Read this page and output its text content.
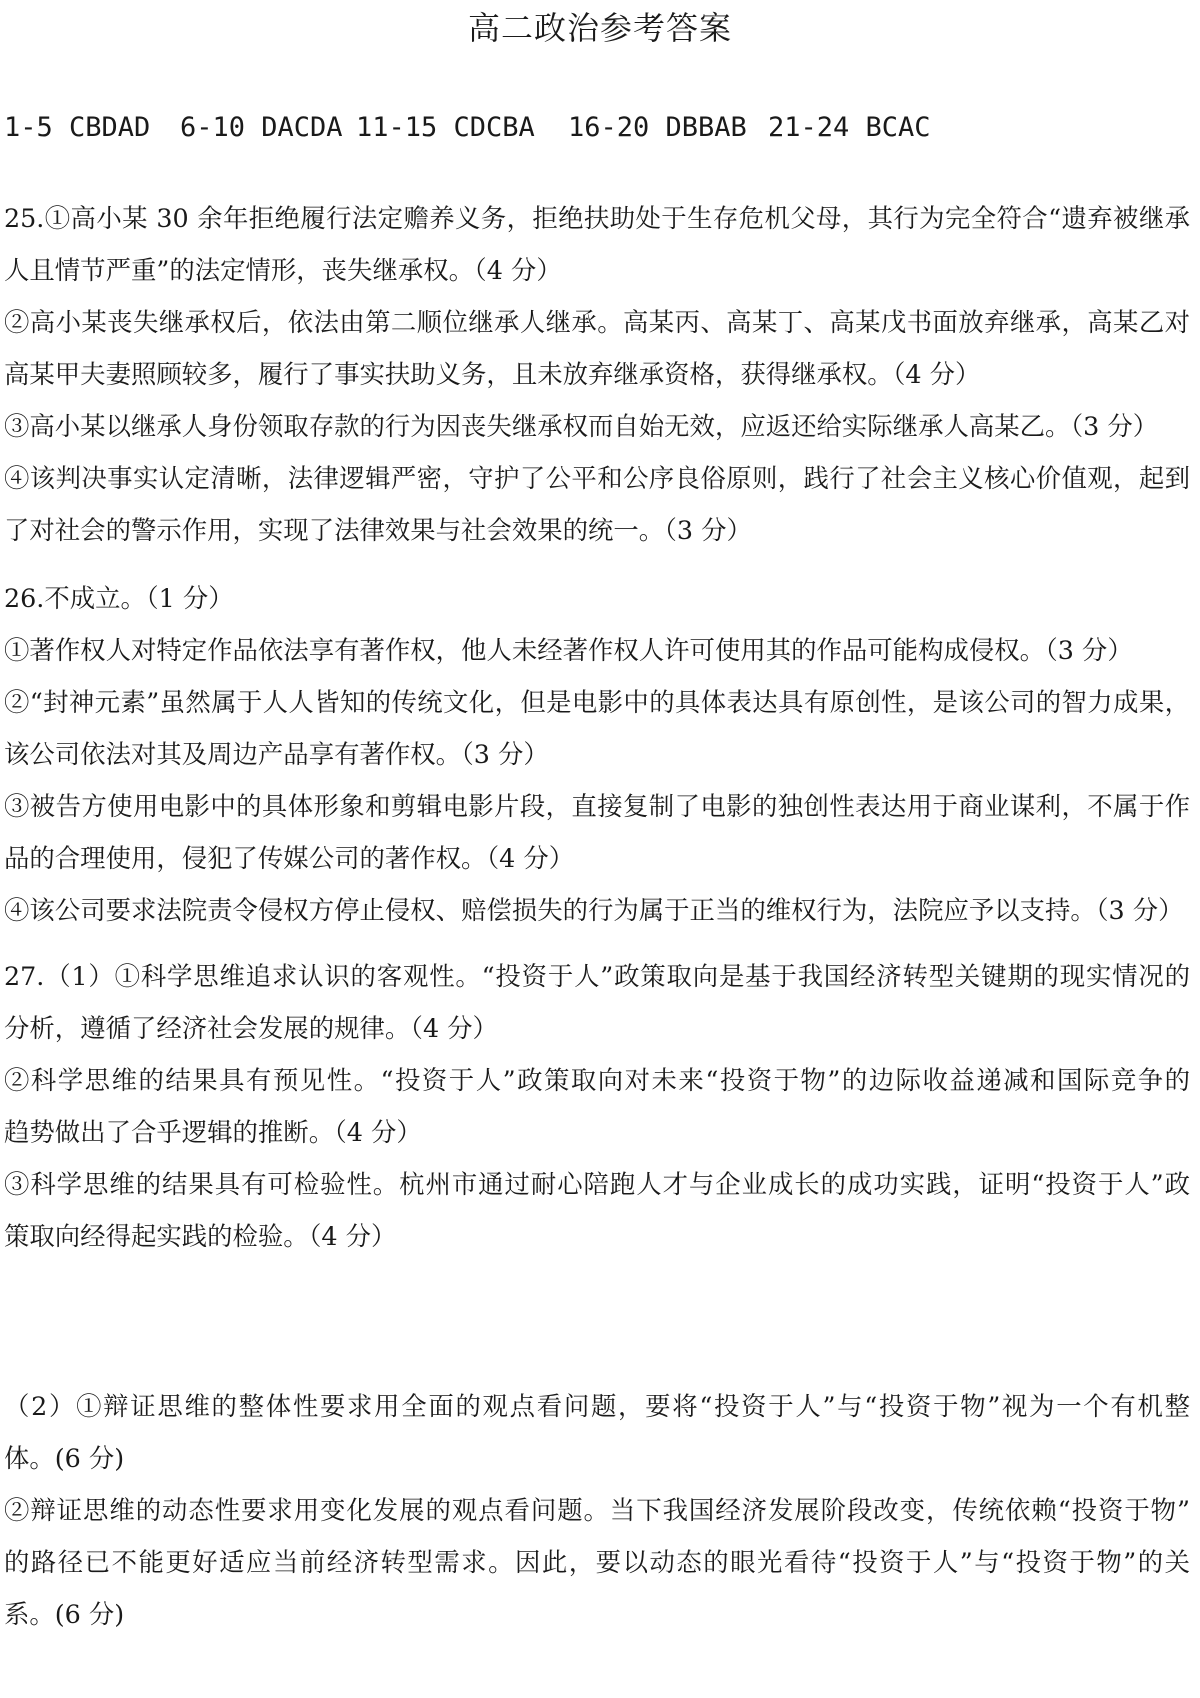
高二政治参考答案
1-5 CBDAD 6-10 DACDA 11-15 CDCBA 16-20 DBBAB 21-24 BCAC
25.①高小某 30 余年拒绝履行法定赡养义务，拒绝扶助处于生存危机父母，其行为完全符合“遗弃被继承
人且情节严重”的法定情形，丧失继承权。（4 分）
②高小某丧失继承权后，依法由第二顺位继承人继承。高某丙、高某丁、高某戊书面放弃继承，高某乙对
高某甲夫妻照顾较多，履行了事实扶助义务，且未放弃继承资格，获得继承权。（4 分）
③高小某以继承人身份领取存款的行为因丧失继承权而自始无效，应返还给实际继承人高某乙。（3 分）
④该判决事实认定清晰，法律逻辑严密，守护了公平和公序良俗原则，践行了社会主义核心价值观，起到
了对社会的警示作用，实现了法律效果与社会效果的统一。（3 分）
26.不成立。（1 分）
①著作权人对特定作品依法享有著作权，他人未经著作权人许可使用其的作品可能构成侵权。（3 分）
②“封神元素”虽然属于人人皆知的传统文化，但是电影中的具体表达具有原创性，是该公司的智力成果，
该公司依法对其及周边产品享有著作权。（3 分）
③被告方使用电影中的具体形象和剪辑电影片段，直接复制了电影的独创性表达用于商业谋利，不属于作
品的合理使用，侵犯了传媒公司的著作权。（4 分）
④该公司要求法院责令侵权方停止侵权、赔偿损失的行为属于正当的维权行为，法院应予以支持。（3 分）
27.（1）①科学思维追求认识的客观性。“投资于人”政策取向是基于我国经济转型关键期的现实情况的
分析，遵循了经济社会发展的规律。（4 分）
②科学思维的结果具有预见性。“投资于人”政策取向对未来“投资于物”的边际收益递减和国际竞争的
趋势做出了合乎逻辑的推断。（4 分）
③科学思维的结果具有可检验性。杭州市通过耐心陪跑人才与企业成长的成功实践，证明“投资于人”政
策取向经得起实践的检验。（4 分）
（2）①辩证思维的整体性要求用全面的观点看问题，要将“投资于人”与“投资于物”视为一个有机整
体。(6 分)
②辩证思维的动态性要求用变化发展的观点看问题。当下我国经济发展阶段改变，传统依赖“投资于物”
的路径已不能更好适应当前经济转型需求。因此，要以动态的眼光看待“投资于人”与“投资于物”的关
系。(6 分)
